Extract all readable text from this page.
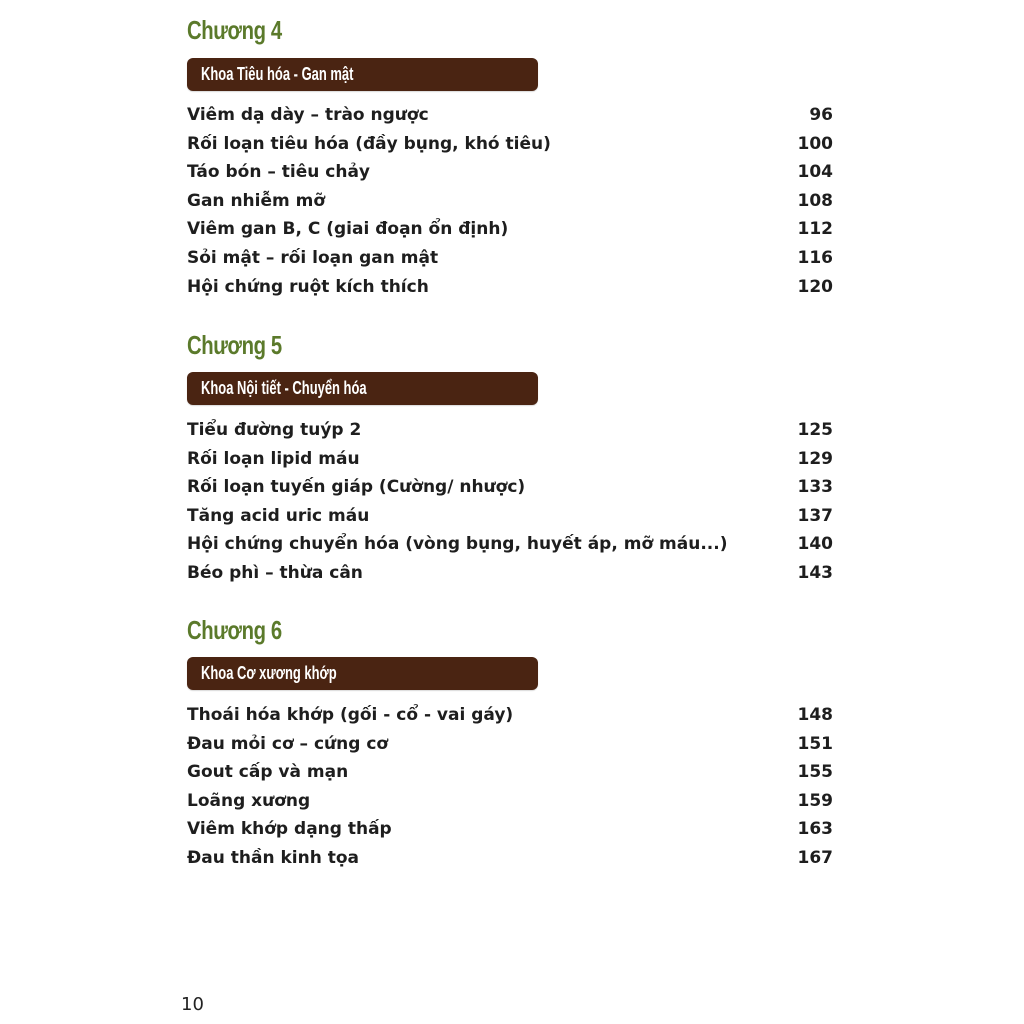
Chương 4
Khoa Tiêu hóa - Gan mật
Viêm dạ dày – trào ngược	96
Rối loạn tiêu hóa (đầy bụng, khó tiêu)	100
Táo bón – tiêu chảy	104
Gan nhiễm mỡ	108
Viêm gan B, C (giai đoạn ổn định)	112
Sỏi mật – rối loạn gan mật	116
Hội chứng ruột kích thích	120
Chương 5
Khoa Nội tiết - Chuyển hóa
Tiểu đường tuýp 2	125
Rối loạn lipid máu	129
Rối loạn tuyến giáp (Cường/ nhược)	133
Tăng acid uric máu	137
Hội chứng chuyển hóa (vòng bụng, huyết áp, mỡ máu...)	140
Béo phì – thừa cân	143
Chương 6
Khoa Cơ xương khớp
Thoái hóa khớp (gối - cổ - vai gáy)	148
Đau mỏi cơ – cứng cơ	151
Gout cấp và mạn	155
Loãng xương	159
Viêm khớp dạng thấp	163
Đau thần kinh tọa	167
10
